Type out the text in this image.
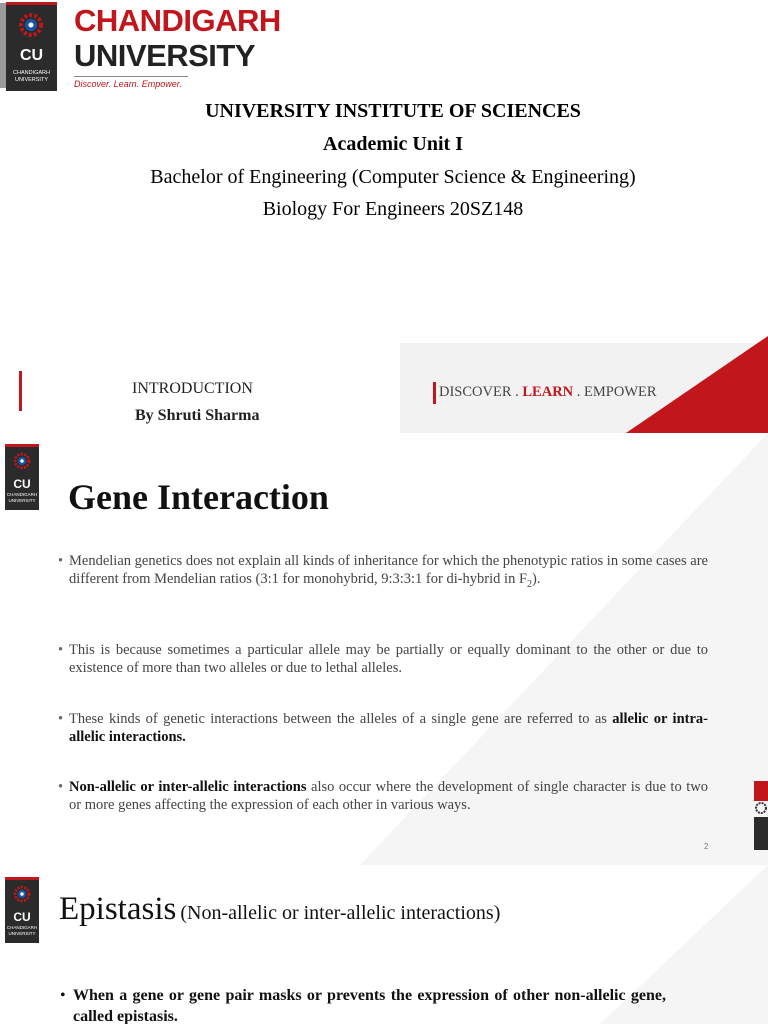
CU
CHANDIGARH
UNIVERSITY
CHANDIGARH
UNIVERSITY
Discover. Learn. Empower.
UNIVERSITY INSTITUTE OF SCIENCES
Academic Unit I
Bachelor of Engineering (Computer Science & Engineering)
Biology For Engineers 20SZ148
INTRODUCTION
By Shruti Sharma
DISCOVER . LEARN . EMPOWER
CU
CHANDIGARH
UNIVERSITY Gene Interaction
• Mendelian genetics does not explain all kinds of inheritance for which the phenotypic ratios in some cases are different from Mendelian ratios (3:1 for monohybrid, 9:3:3:1 for di-hybrid in $F_2$).
• This is because sometimes a particular allele may be partially or equally dominant to the other or due to existence of more than two alleles or due to lethal alleles.
• These kinds of genetic interactions between the alleles of a single gene are referred to as allelic or intra- allelic interactions.
• Non-allelic or inter-allelic interactions also occur where the development of single character is due to two or more genes affecting the expression of each other in various ways.
2
CU
CHANDIGARH
UNIVERSITY
Epistasis (Non-allelic or inter-allelic interactions)
• When a gene or gene pair masks or prevents the expression of other non-allelic gene, called epistasis.
